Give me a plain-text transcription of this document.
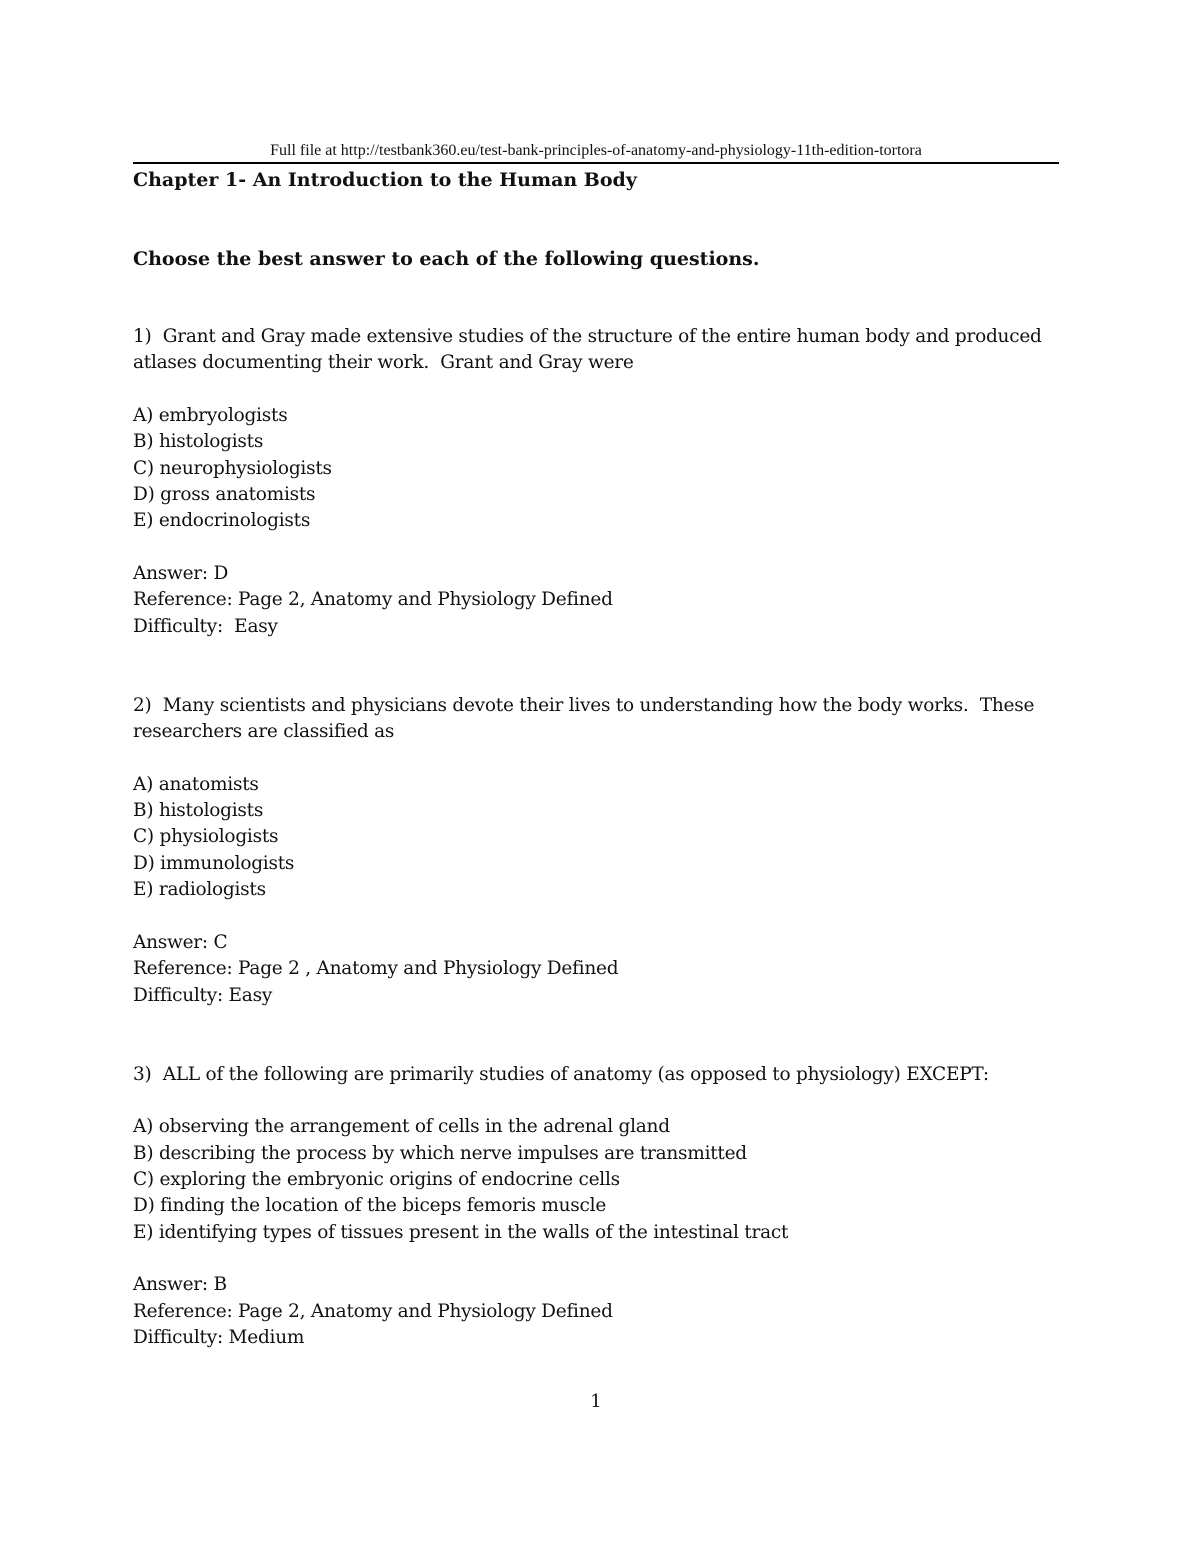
Full file at http://testbank360.eu/test-bank-principles-of-anatomy-and-physiology-11th-edition-tortora
Chapter 1- An Introduction to the Human Body
Choose the best answer to each of the following questions.
1)  Grant and Gray made extensive studies of the structure of the entire human body and produced
atlases documenting their work.  Grant and Gray were
A) embryologists
B) histologists
C) neurophysiologists
D) gross anatomists
E) endocrinologists
Answer: D
Reference: Page 2, Anatomy and Physiology Defined
Difficulty:  Easy
2)  Many scientists and physicians devote their lives to understanding how the body works.  These
researchers are classified as
A) anatomists
B) histologists
C) physiologists
D) immunologists
E) radiologists
Answer: C
Reference: Page 2 , Anatomy and Physiology Defined
Difficulty: Easy
3)  ALL of the following are primarily studies of anatomy (as opposed to physiology) EXCEPT:
A) observing the arrangement of cells in the adrenal gland
B) describing the process by which nerve impulses are transmitted
C) exploring the embryonic origins of endocrine cells
D) finding the location of the biceps femoris muscle
E) identifying types of tissues present in the walls of the intestinal tract
Answer: B
Reference: Page 2, Anatomy and Physiology Defined
Difficulty: Medium
1
